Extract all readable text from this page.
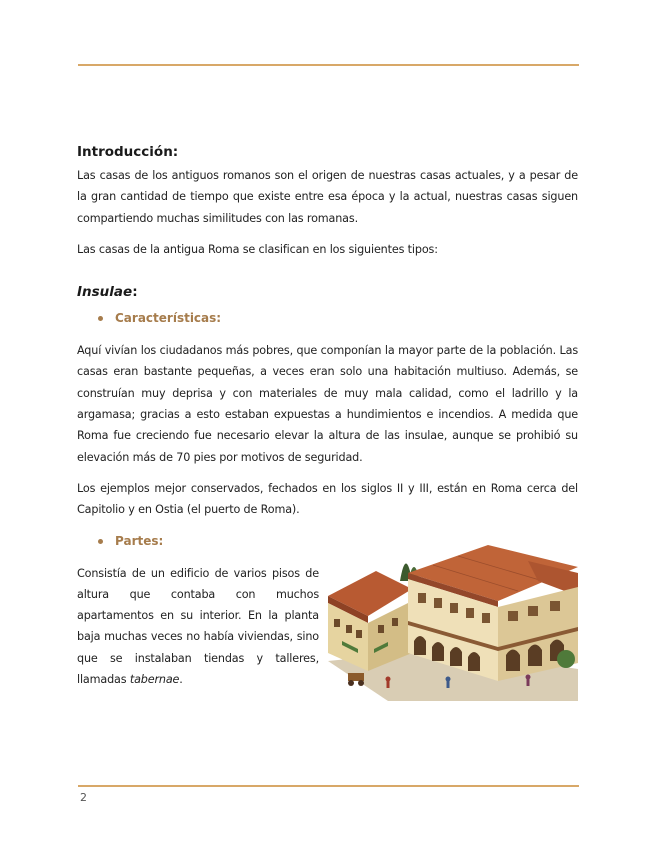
Introducción:

Las casas de los antiguos romanos son el origen de nuestras casas actuales, y a pesar de la gran cantidad de tiempo que existe entre esa época y la actual, nuestras casas siguen compartiendo muchas similitudes con las romanas.

Las casas de la antigua Roma se clasifican en los siguientes tipos:

Insulae:
Características:

Aquí vivían los ciudadanos más pobres, que componían la mayor parte de la población. Las casas eran bastante pequeñas, a veces eran solo una habitación multiuso. Además, se construían muy deprisa y con materiales de muy mala calidad, como el ladrillo y la argamasa; gracias a esto estaban expuestas a hundimientos e incendios. A medida que Roma fue creciendo fue necesario elevar la altura de las insulae, aunque se prohibió su elevación más de 70 pies por motivos de seguridad.

Los ejemplos mejor conservados, fechados en los siglos II y III, están en Roma cerca del Capitolio y en Ostia (el puerto de Roma).

Partes:

Consistía de un edificio de varios pisos de altura que contaba con muchos apartamentos en su interior. En la planta baja muchas veces no había viviendas, sino que se instalaban tiendas y talleres, llamadas tabernae.

2
